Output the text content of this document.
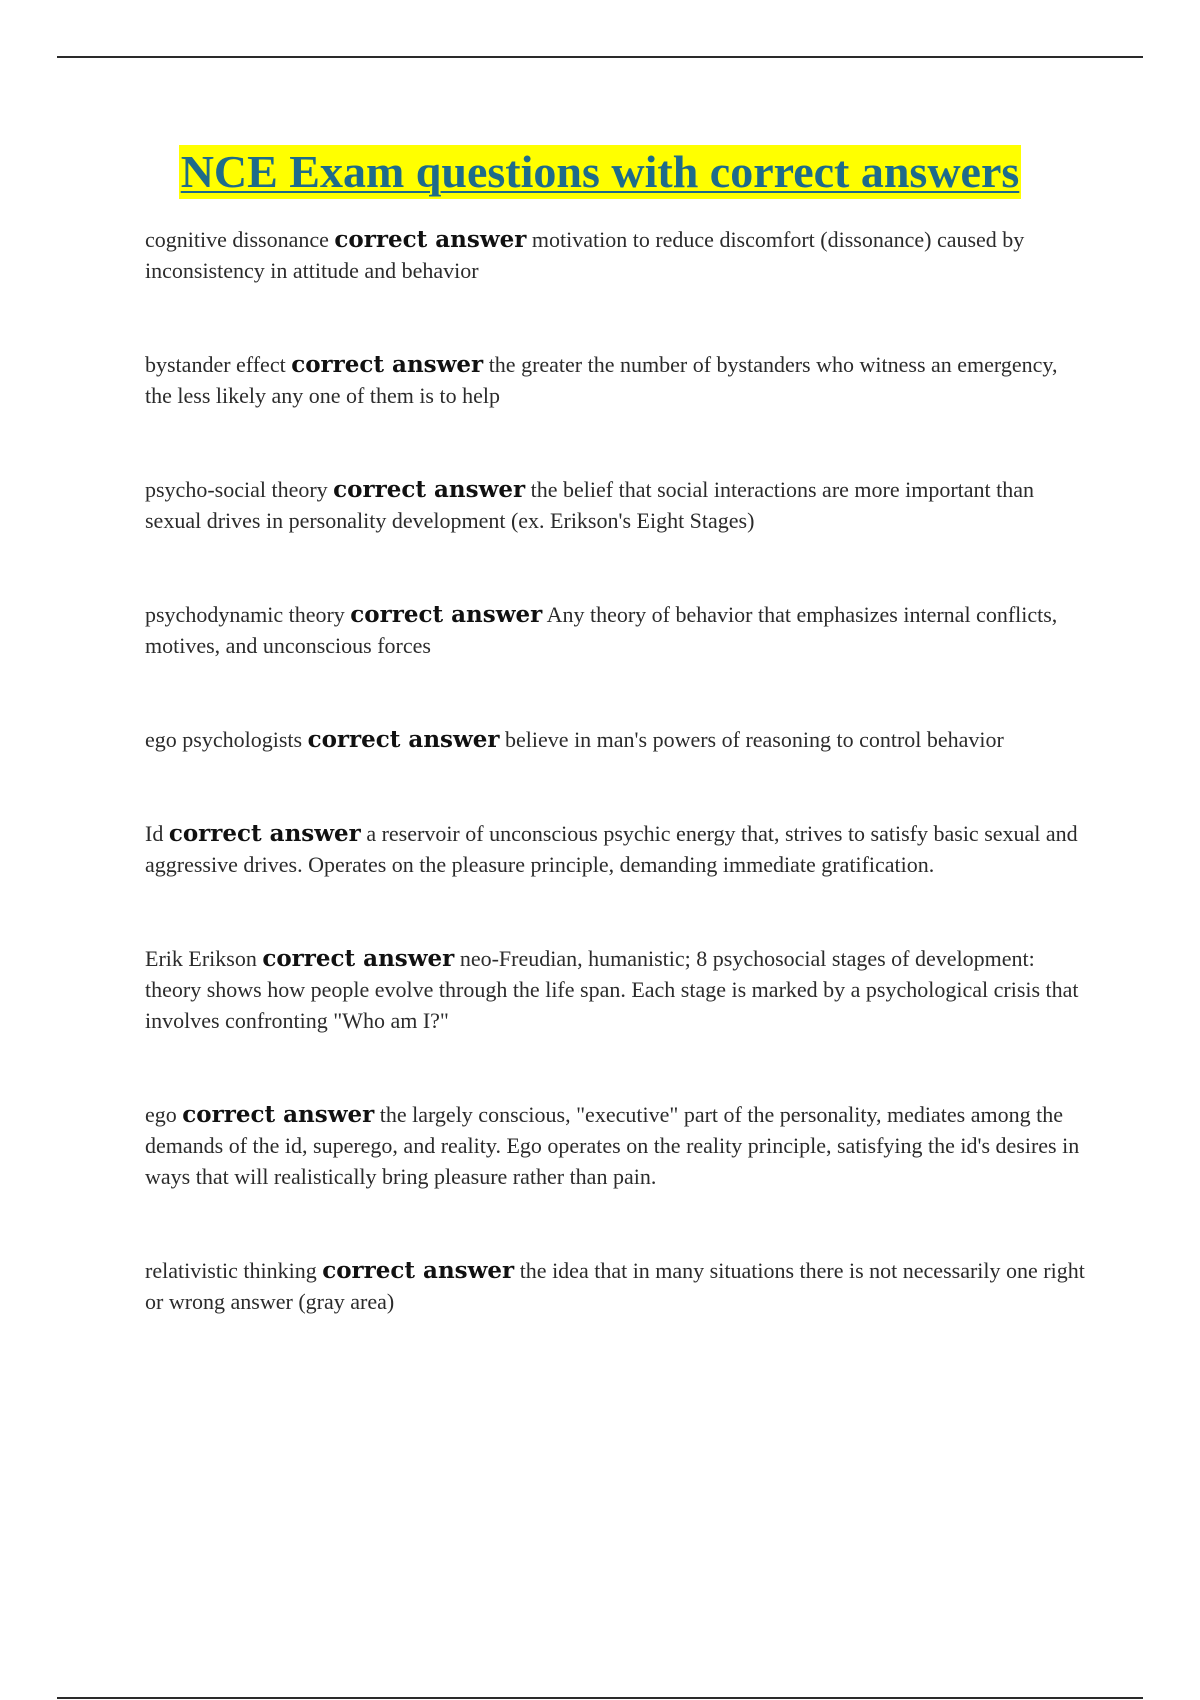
NCE Exam questions with correct answers

cognitive dissonance correct answer motivation to reduce discomfort (dissonance) caused by inconsistency in attitude and behavior

bystander effect correct answer the greater the number of bystanders who witness an emergency, the less likely any one of them is to help

psycho-social theory correct answer the belief that social interactions are more important than sexual drives in personality development (ex. Erikson's Eight Stages)

psychodynamic theory correct answer Any theory of behavior that emphasizes internal conflicts, motives, and unconscious forces

ego psychologists correct answer believe in man's powers of reasoning to control behavior

Id correct answer a reservoir of unconscious psychic energy that, strives to satisfy basic sexual and aggressive drives. Operates on the pleasure principle, demanding immediate gratification.

Erik Erikson correct answer neo-Freudian, humanistic; 8 psychosocial stages of development: theory shows how people evolve through the life span. Each stage is marked by a psychological crisis that involves confronting "Who am I?"

ego correct answer the largely conscious, "executive" part of the personality, mediates among the demands of the id, superego, and reality. Ego operates on the reality principle, satisfying the id's desires in ways that will realistically bring pleasure rather than pain.

relativistic thinking correct answer the idea that in many situations there is not necessarily one right or wrong answer (gray area)
